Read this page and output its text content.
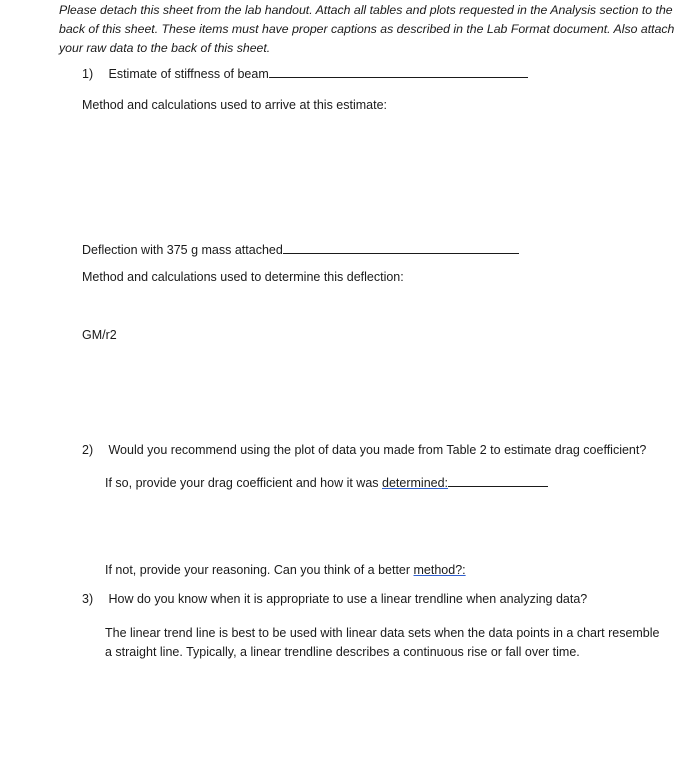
Please detach this sheet from the lab handout. Attach all tables and plots requested in the Analysis section to the back of this sheet. These items must have proper captions as described in the Lab Format document. Also attach your raw data to the back of this sheet.
1) Estimate of stiffness of beam
Method and calculations used to arrive at this estimate:
Deflection with 375 g mass attached
Method and calculations used to determine this deflection:
GM/r2
2) Would you recommend using the plot of data you made from Table 2 to estimate drag coefficient?
If so, provide your drag coefficient and how it was determined:
If not, provide your reasoning. Can you think of a better method?:
3) How do you know when it is appropriate to use a linear trendline when analyzing data?
The linear trend line is best to be used with linear data sets when the data points in a chart resemble a straight line. Typically, a linear trendline describes a continuous rise or fall over time.
